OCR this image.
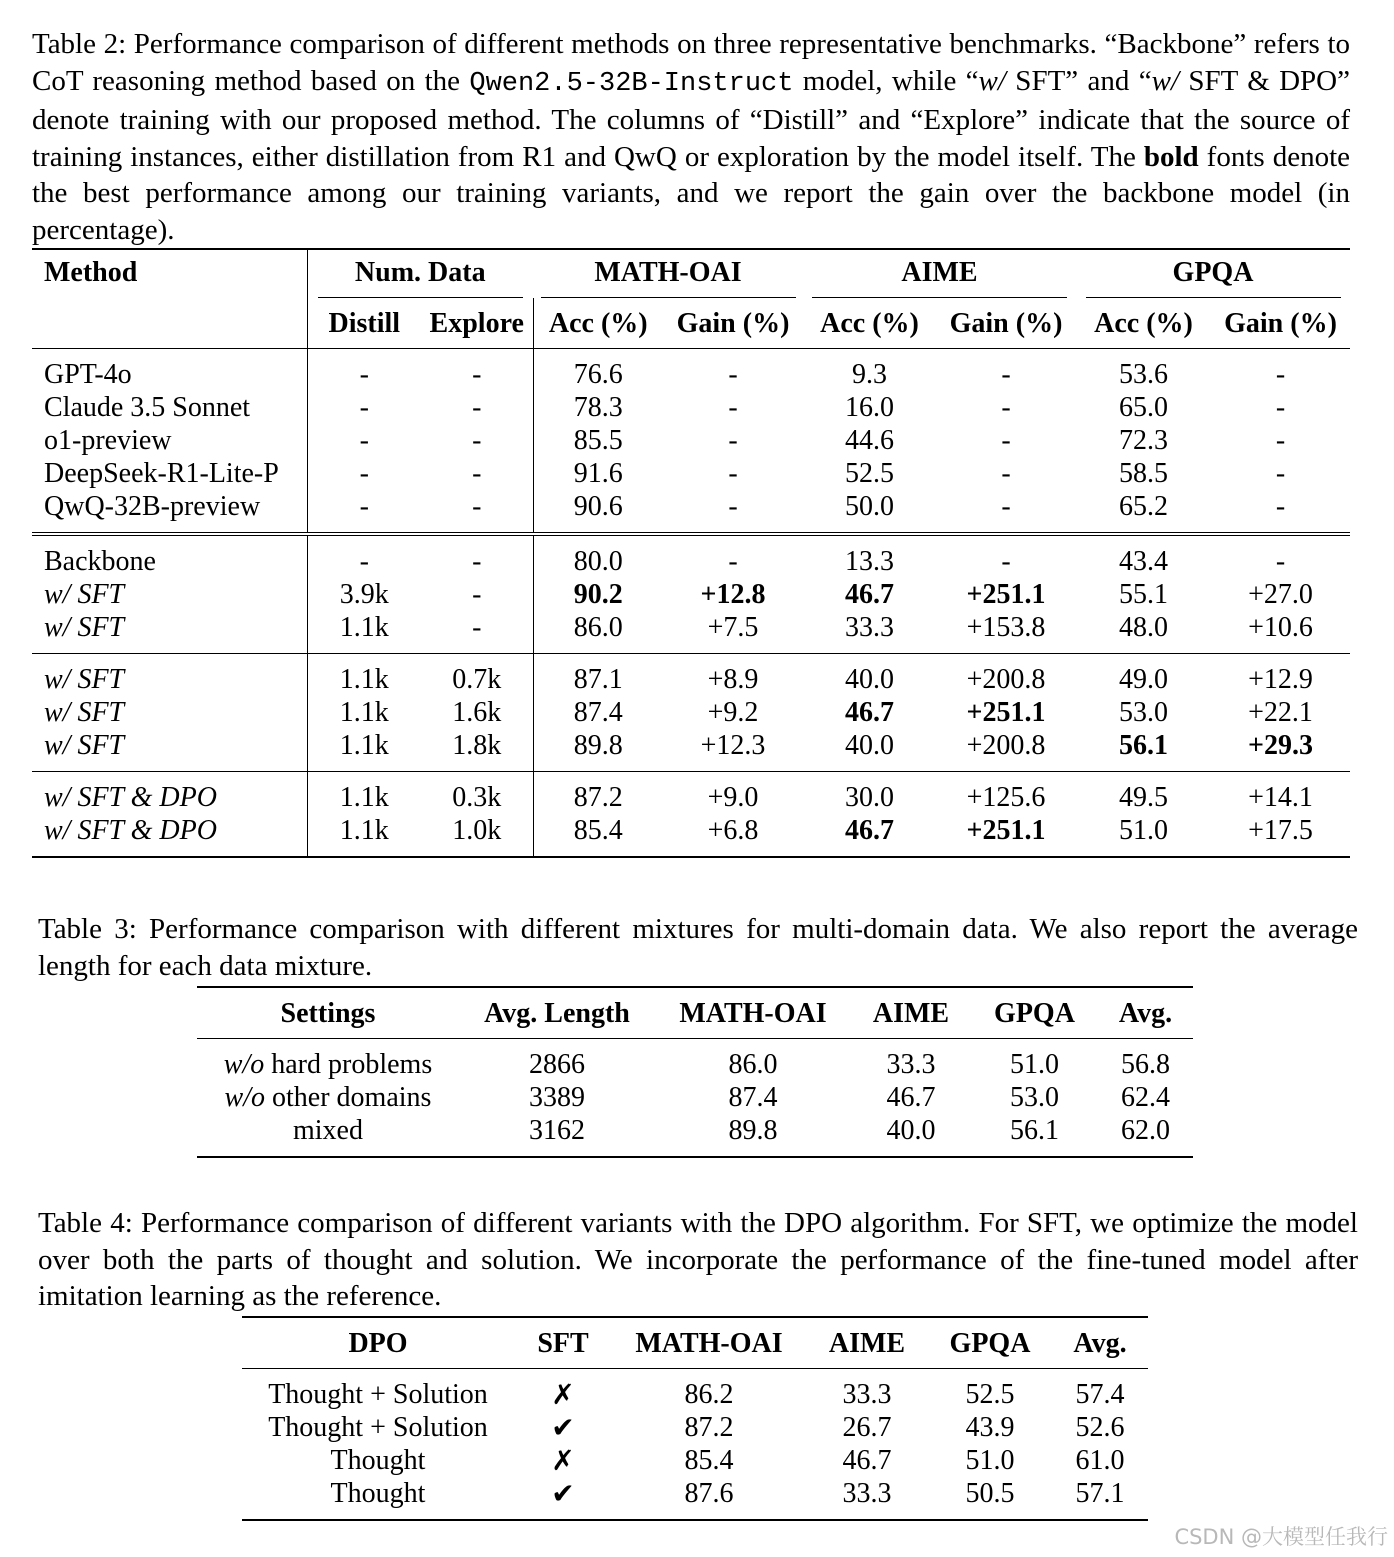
Table 2: Performance comparison of different methods on three representative benchmarks. “Backbone” refers to CoT reasoning method based on the Qwen2.5-32B-Instruct model, while “w/ SFT” and “w/ SFT & DPO” denote training with our proposed method. The columns of “Distill” and “Explore” indicate that the source of training instances, either distillation from R1 and QwQ or exploration by the model itself. The bold fonts denote the best performance among our training variants, and we report the gain over the backbone model (in percentage).
Method	Num. Data		MATH-OAI		AIME		GPQA	
	Distill	Explore	Acc (%)	Gain (%)	Acc (%)	Gain (%)	Acc (%)	Gain (%)
GPT-4o	-	-	76.6	-	9.3	-	53.6	-
Claude 3.5 Sonnet	-	-	78.3	-	16.0	-	65.0	-
o1-preview	-	-	85.5	-	44.6	-	72.3	-
DeepSeek-R1-Lite-P	-	-	91.6	-	52.5	-	58.5	-
QwQ-32B-preview	-	-	90.6	-	50.0	-	65.2	-
Backbone	-	-	80.0	-	13.3	-	43.4	-
w/ SFT	3.9k	-	90.2	+12.8	46.7	+251.1	55.1	+27.0
w/ SFT	1.1k	-	86.0	+7.5	33.3	+153.8	48.0	+10.6
w/ SFT	1.1k	0.7k	87.1	+8.9	40.0	+200.8	49.0	+12.9
w/ SFT	1.1k	1.6k	87.4	+9.2	46.7	+251.1	53.0	+22.1
w/ SFT	1.1k	1.8k	89.8	+12.3	40.0	+200.8	56.1	+29.3
w/ SFT & DPO	1.1k	0.3k	87.2	+9.0	30.0	+125.6	49.5	+14.1
w/ SFT & DPO	1.1k	1.0k	85.4	+6.8	46.7	+251.1	51.0	+17.5
Table 3: Performance comparison with different mixtures for multi-domain data. We also report the average length for each data mixture.
Settings	Avg. Length	MATH-OAI	AIME	GPQA	Avg.
w/o hard problems	2866	86.0	33.3	51.0	56.8
w/o other domains	3389	87.4	46.7	53.0	62.4
mixed	3162	89.8	40.0	56.1	62.0
Table 4: Performance comparison of different variants with the DPO algorithm. For SFT, we optimize the model over both the parts of thought and solution. We incorporate the performance of the fine-tuned model after imitation learning as the reference.
DPO	SFT	MATH-OAI	AIME	GPQA	Avg.
Thought + Solution	✗	86.2	33.3	52.5	57.4
Thought + Solution	✔	87.2	26.7	43.9	52.6
Thought	✗	85.4	46.7	51.0	61.0
Thought	✔	87.6	33.3	50.5	57.1
CSDN @大模型任我行
